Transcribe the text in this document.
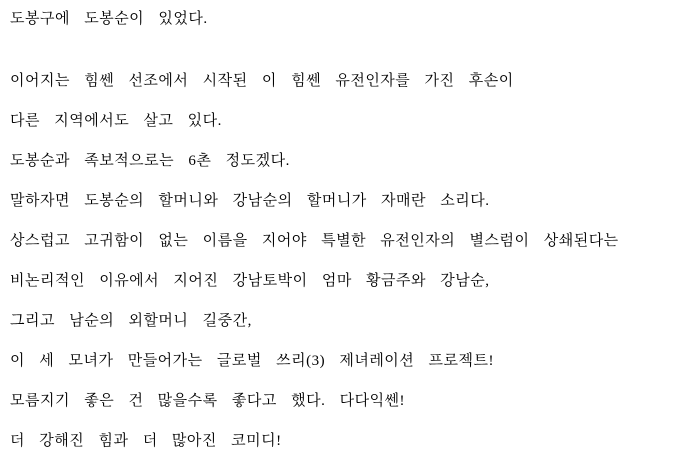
도봉구에 도봉순이 있었다.

이어지는 힘쎈 선조에서 시작된 이 힘쎈 유전인자를 가진 후손이

다른 지역에서도 살고 있다.

도봉순과 족보적으로는 6촌 정도겠다.

말하자면 도봉순의 할머니와 강남순의 할머니가 자매란 소리다.

상스럽고 고귀함이 없는 이름을 지어야 특별한 유전인자의 별스럼이 상쇄된다는

비논리적인 이유에서 지어진 강남토박이 엄마 황금주와 강남순,

그리고 남순의 외할머니 길중간,

이 세 모녀가 만들어가는 글로벌 쓰리(3) 제녀레이션 프로젝트!

모름지기 좋은 건 많을수록 좋다고 했다. 다다익쎈!

더 강해진 힘과 더 많아진 코미디!
